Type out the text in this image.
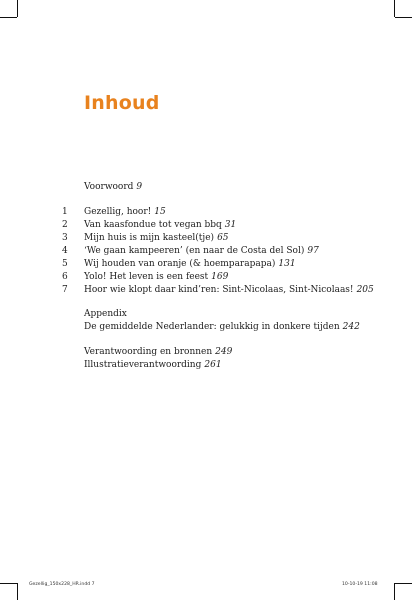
Inhoud
Voorwoord 9
1	Gezellig, hoor! 15
2	Van kaasfondue tot vegan bbq 31
3	Mijn huis is mijn kasteel(tje) 65
4	‘We gaan kampeeren’ (en naar de Costa del Sol) 97
5	Wij houden van oranje (& hoemparapapa) 131
6	Yolo! Het leven is een feest 169
7	Hoor wie klopt daar kind’ren: Sint-Nicolaas, Sint-Nicolaas! 205
Appendix
De gemiddelde Nederlander: gelukkig in donkere tijden 242
Verantwoording en bronnen 249
Illustratieverantwoording 261
Gezellig_150x228_HR.indd 7	10-10-19 11:08
